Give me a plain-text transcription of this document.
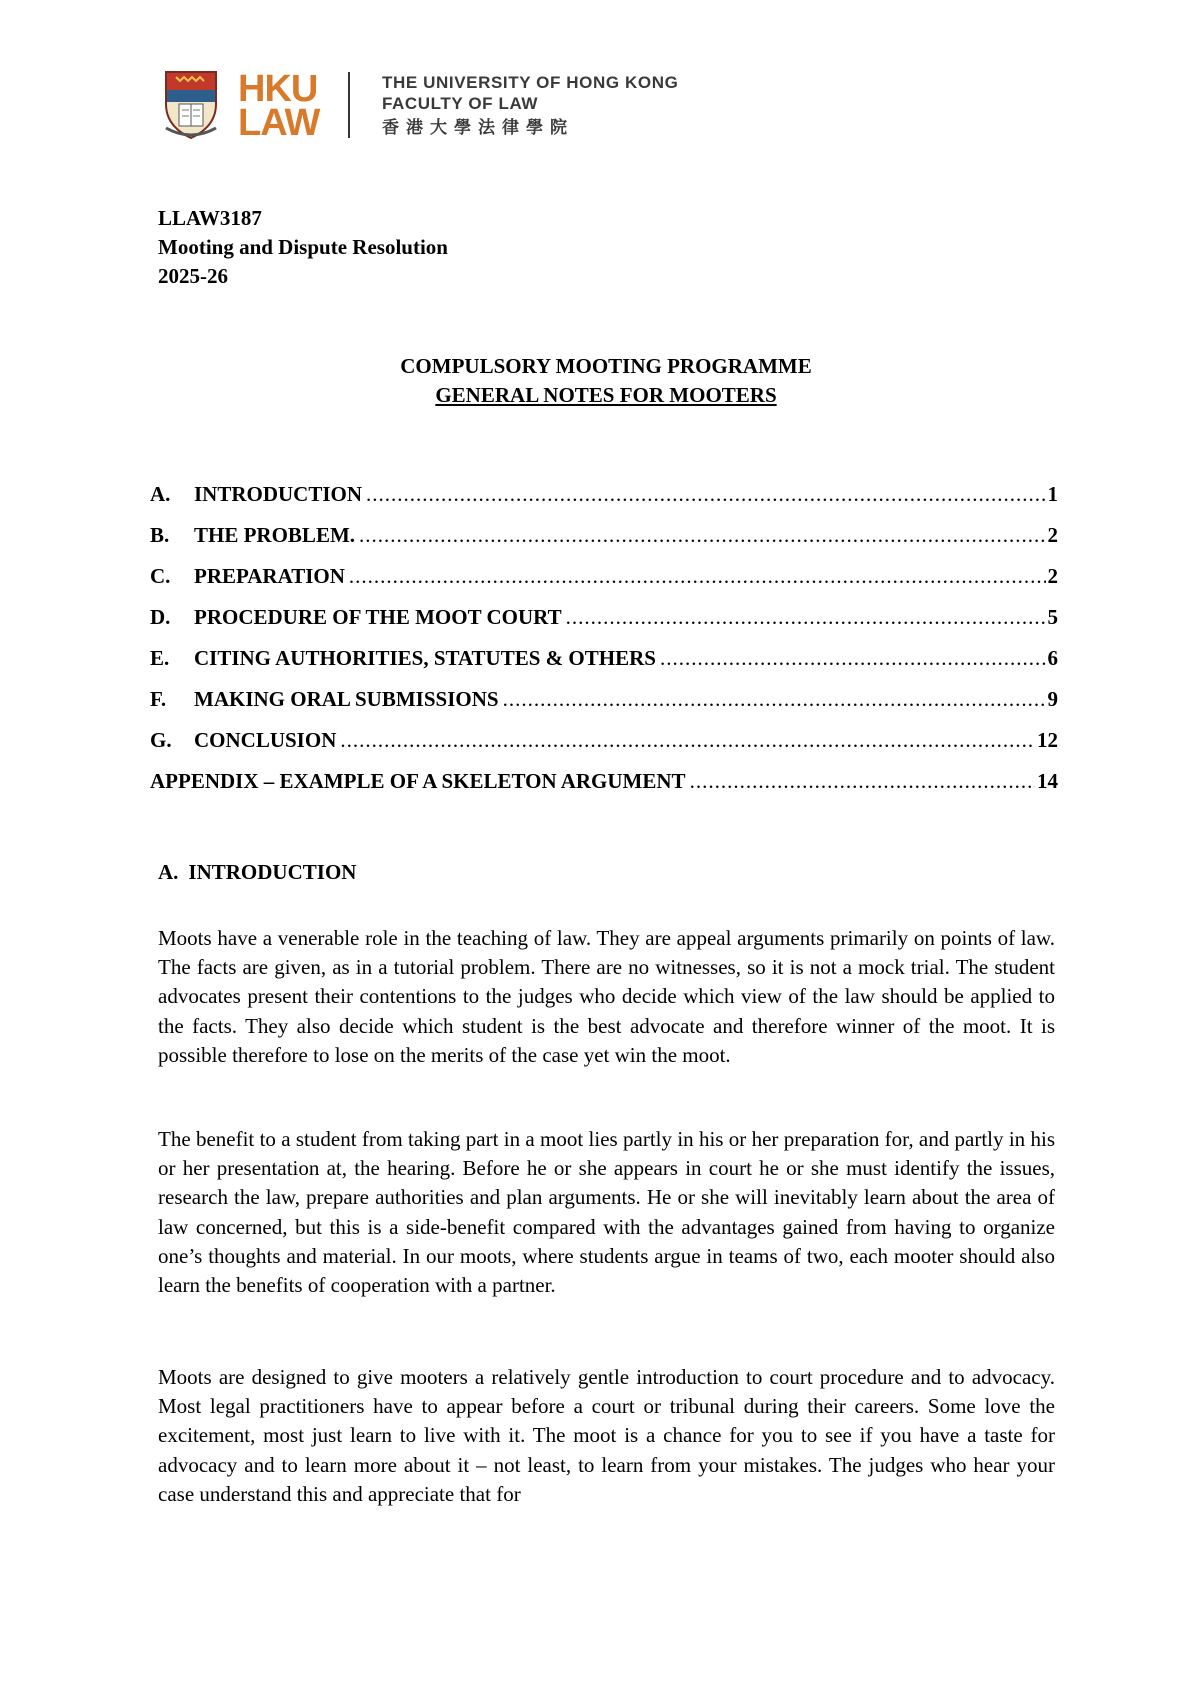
HKU
LAW
THE UNIVERSITY OF HONG KONG
FACULTY OF LAW
香港大學法律學院
LLAW3187
Mooting and Dispute Resolution
2025-26
COMPULSORY MOOTING PROGRAMME
GENERAL NOTES FOR MOOTERS
A.	INTRODUCTION .....	1
B.	THE PROBLEM. .....	2
C.	PREPARATION .....	2
D.	PROCEDURE OF THE MOOT COURT .....	5
E.	CITING AUTHORITIES, STATUTES & OTHERS .....	6
F.	MAKING ORAL SUBMISSIONS .....	9
G.	CONCLUSION .....	12
APPENDIX – EXAMPLE OF A SKELETON ARGUMENT .....	14
A. INTRODUCTION
Moots have a venerable role in the teaching of law. They are appeal arguments primarily on points of law. The facts are given, as in a tutorial problem. There are no witnesses, so it is not a mock trial. The student advocates present their contentions to the judges who decide which view of the law should be applied to the facts. They also decide which student is the best advocate and therefore winner of the moot. It is possible therefore to lose on the merits of the case yet win the moot.
The benefit to a student from taking part in a moot lies partly in his or her preparation for, and partly in his or her presentation at, the hearing. Before he or she appears in court he or she must identify the issues, research the law, prepare authorities and plan arguments. He or she will inevitably learn about the area of law concerned, but this is a side-benefit compared with the advantages gained from having to organize one’s thoughts and material. In our moots, where students argue in teams of two, each mooter should also learn the benefits of cooperation with a partner.
Moots are designed to give mooters a relatively gentle introduction to court procedure and to advocacy. Most legal practitioners have to appear before a court or tribunal during their careers. Some love the excitement, most just learn to live with it. The moot is a chance for you to see if you have a taste for advocacy and to learn more about it – not least, to learn from your mistakes. The judges who hear your case understand this and appreciate that for
